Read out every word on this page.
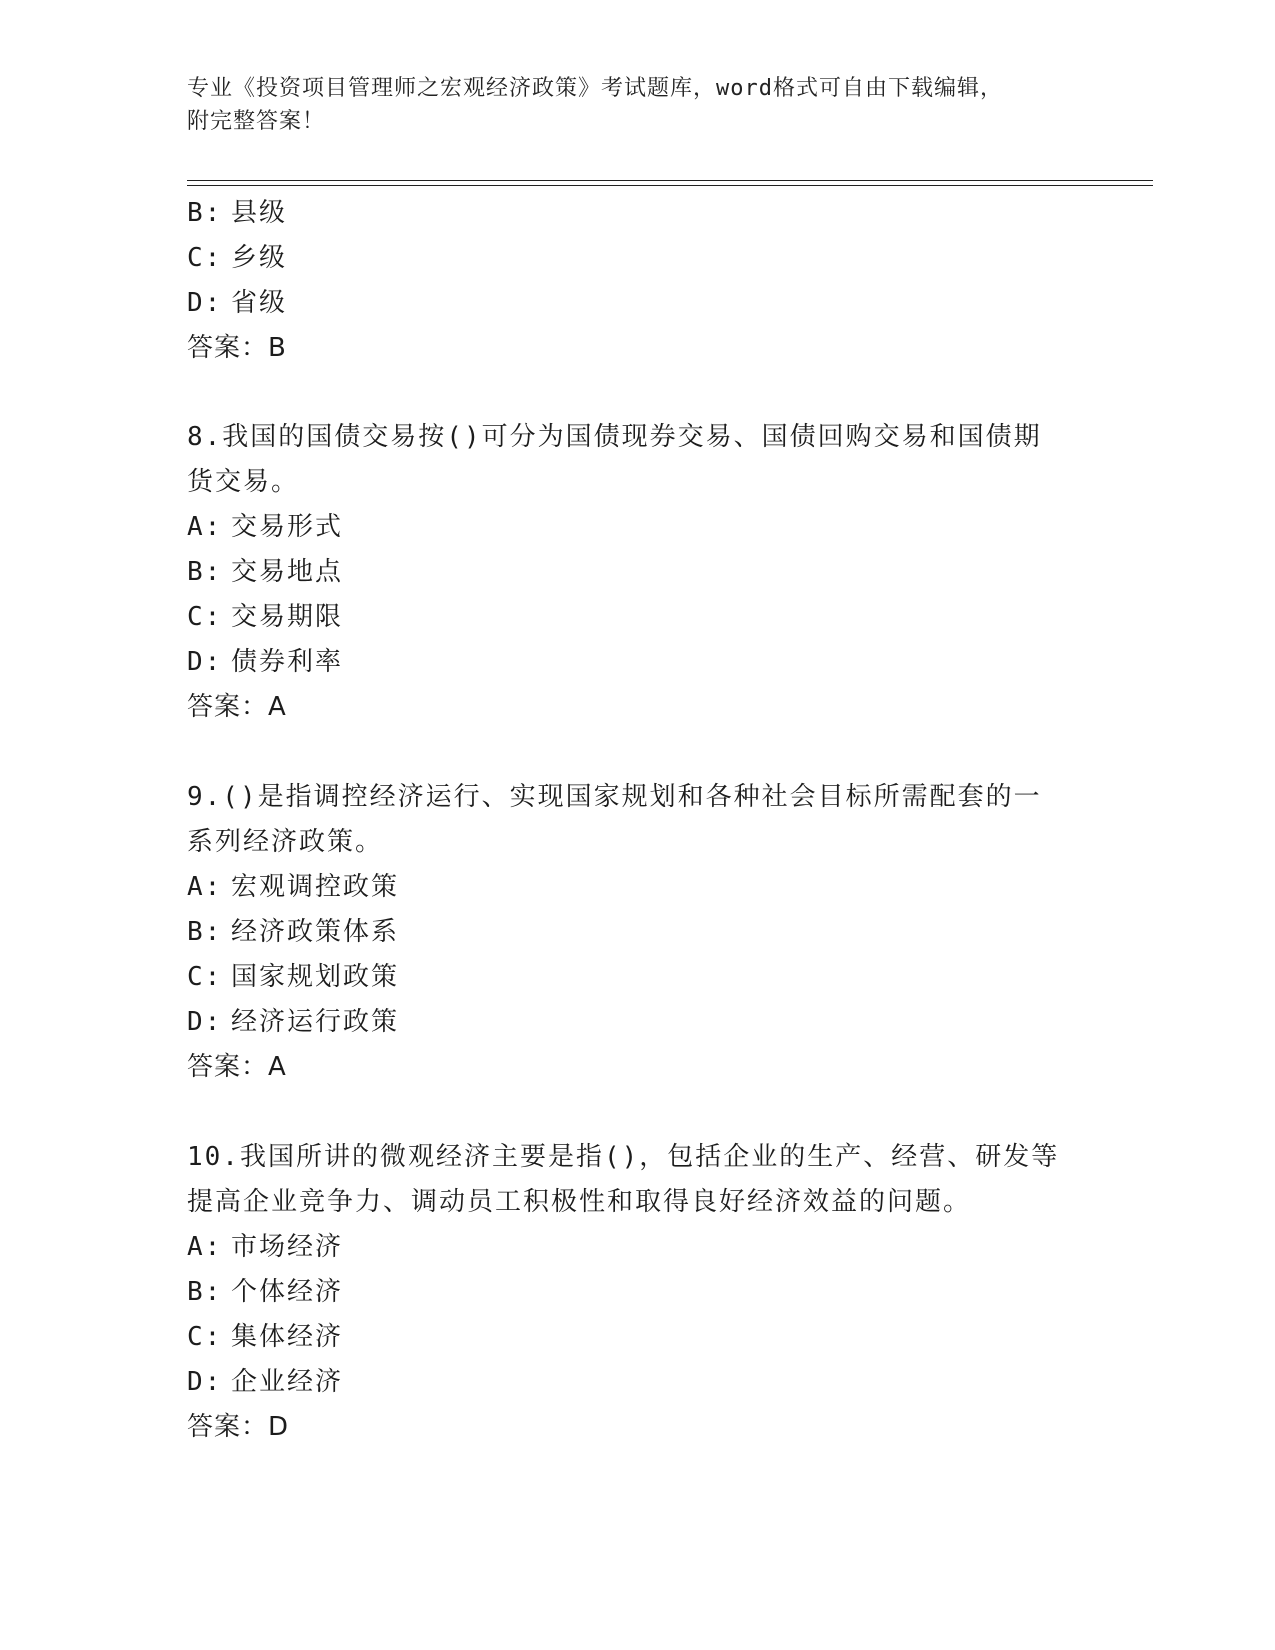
专业《投资项目管理师之宏观经济政策》考试题库，word格式可自由下载编辑，
附完整答案！
B: 县级
C: 乡级
D: 省级
答案：B
8.我国的国债交易按()可分为国债现券交易、国债回购交易和国债期
货交易。
A: 交易形式
B: 交易地点
C: 交易期限
D: 债券利率
答案：A
9.()是指调控经济运行、实现国家规划和各种社会目标所需配套的一
系列经济政策。
A: 宏观调控政策
B: 经济政策体系
C: 国家规划政策
D: 经济运行政策
答案：A
10.我国所讲的微观经济主要是指()，包括企业的生产、经营、研发等
提高企业竞争力、调动员工积极性和取得良好经济效益的问题。
A: 市场经济
B: 个体经济
C: 集体经济
D: 企业经济
答案：D
